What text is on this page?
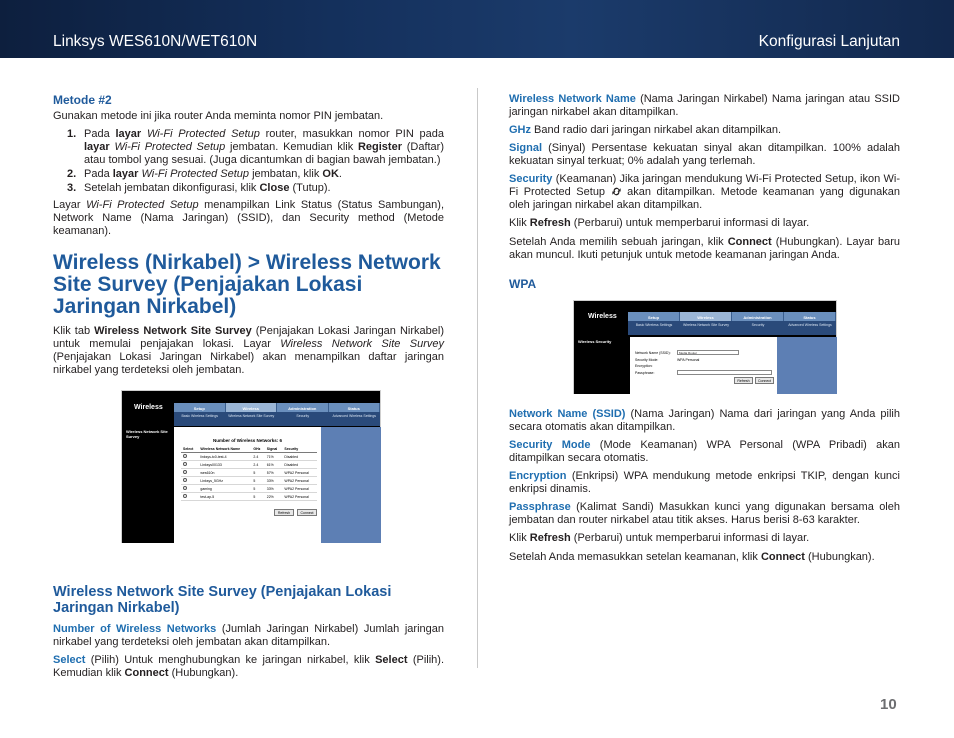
Linksys WES610N/WET610N	Konfigurasi Lanjutan
Metode #2

Gunakan metode ini jika router Anda meminta nomor PIN jembatan.

1. Pada layar Wi-Fi Protected Setup router, masukkan nomor PIN pada layar Wi-Fi Protected Setup jembatan. Kemudian klik Register (Daftar) atau tombol yang sesuai. (Juga dicantumkan di bagian bawah jembatan.)
2. Pada layar Wi-Fi Protected Setup jembatan, klik OK.
3. Setelah jembatan dikonfigurasi, klik Close (Tutup).

Layar Wi-Fi Protected Setup menampilkan Link Status (Status Sambungan), Network Name (Nama Jaringan) (SSID), dan Security method (Metode keamanan).

Wireless (Nirkabel) > Wireless Network Site Survey (Penjajakan Lokasi Jaringan Nirkabel)

Klik tab Wireless Network Site Survey (Penjajakan Lokasi Jaringan Nirkabel) untuk memulai penjajakan lokasi. Layar Wireless Network Site Survey (Penjajakan Lokasi Jaringan Nirkabel) akan menampilkan daftar jaringan nirkabel yang terdeteksi oleh jembatan.

Wireless Network Site Survey (Penjajakan Lokasi Jaringan Nirkabel)

Number of Wireless Networks (Jumlah Jaringan Nirkabel) Jumlah jaringan nirkabel yang terdeteksi oleh jembatan akan ditampilkan.

Select (Pilih) Untuk menghubungkan ke jaringan nirkabel, klik Select (Pilih). Kemudian klik Connect (Hubungkan).

Wireless Network Name (Nama Jaringan Nirkabel) Nama jaringan atau SSID jaringan nirkabel akan ditampilkan.

GHz Band radio dari jaringan nirkabel akan ditampilkan.

Signal (Sinyal) Persentase kekuatan sinyal akan ditampilkan. 100% adalah kekuatan sinyal terkuat; 0% adalah yang terlemah.

Security (Keamanan) Jika jaringan mendukung Wi-Fi Protected Setup, ikon Wi-Fi Protected Setup  akan ditampilkan. Metode keamanan yang digunakan oleh jaringan nirkabel akan ditampilkan.

Klik Refresh (Perbarui) untuk memperbarui informasi di layar.

Setelah Anda memilih sebuah jaringan, klik Connect (Hubungkan). Layar baru akan muncul. Ikuti petunjuk untuk metode keamanan jaringan Anda.

WPA

Network Name (SSID) (Nama Jaringan) Nama dari jaringan yang Anda pilih secara otomatis akan ditampilkan.

Security Mode (Mode Keamanan) WPA Personal (WPA Pribadi) akan ditampilkan secara otomatis.

Encryption (Enkripsi) WPA mendukung metode enkripsi TKIP, dengan kunci enkripsi dinamis.

Passphrase (Kalimat Sandi) Masukkan kunci yang digunakan bersama oleh jembatan dan router nirkabel atau titik akses. Harus berisi 8-63 karakter.

Klik Refresh (Perbarui) untuk memperbarui informasi di layar.

Setelah Anda memasukkan setelan keamanan, klik Connect (Hubungkan).

Wireless	Setup	Wireless	Administration	Status
Basic Wireless Settings	Wireless Network Site Survey	Security	Advanced Wireless Settings
Wireless Network Site Survey
Number of Wireless Networks: 6
Select	Wireless Network Name	GHz	Signal	Security
	linksys-tc0-test-4	2.4	71%	Disabled
	Linksys00133	2.4	61%	Disabled
	wes610n	5	57%	WPA2 Personal
	Linksys_5GHz	5	33%	WPA2 Personal
	gaming	5	33%	WPA2 Personal
	test-ap-5	5	22%	WPA2 Personal
Refresh	Connect
Wireless	Setup	Wireless	Administration	Status
Basic Wireless Settings	Wireless Network Site Survey	Security	Advanced Wireless Settings
Wireless Security
Network Name (SSID):	Media Router
Security Mode:	WPA Personal
Encryption:
Passphrase:
Refresh	Connect
10
